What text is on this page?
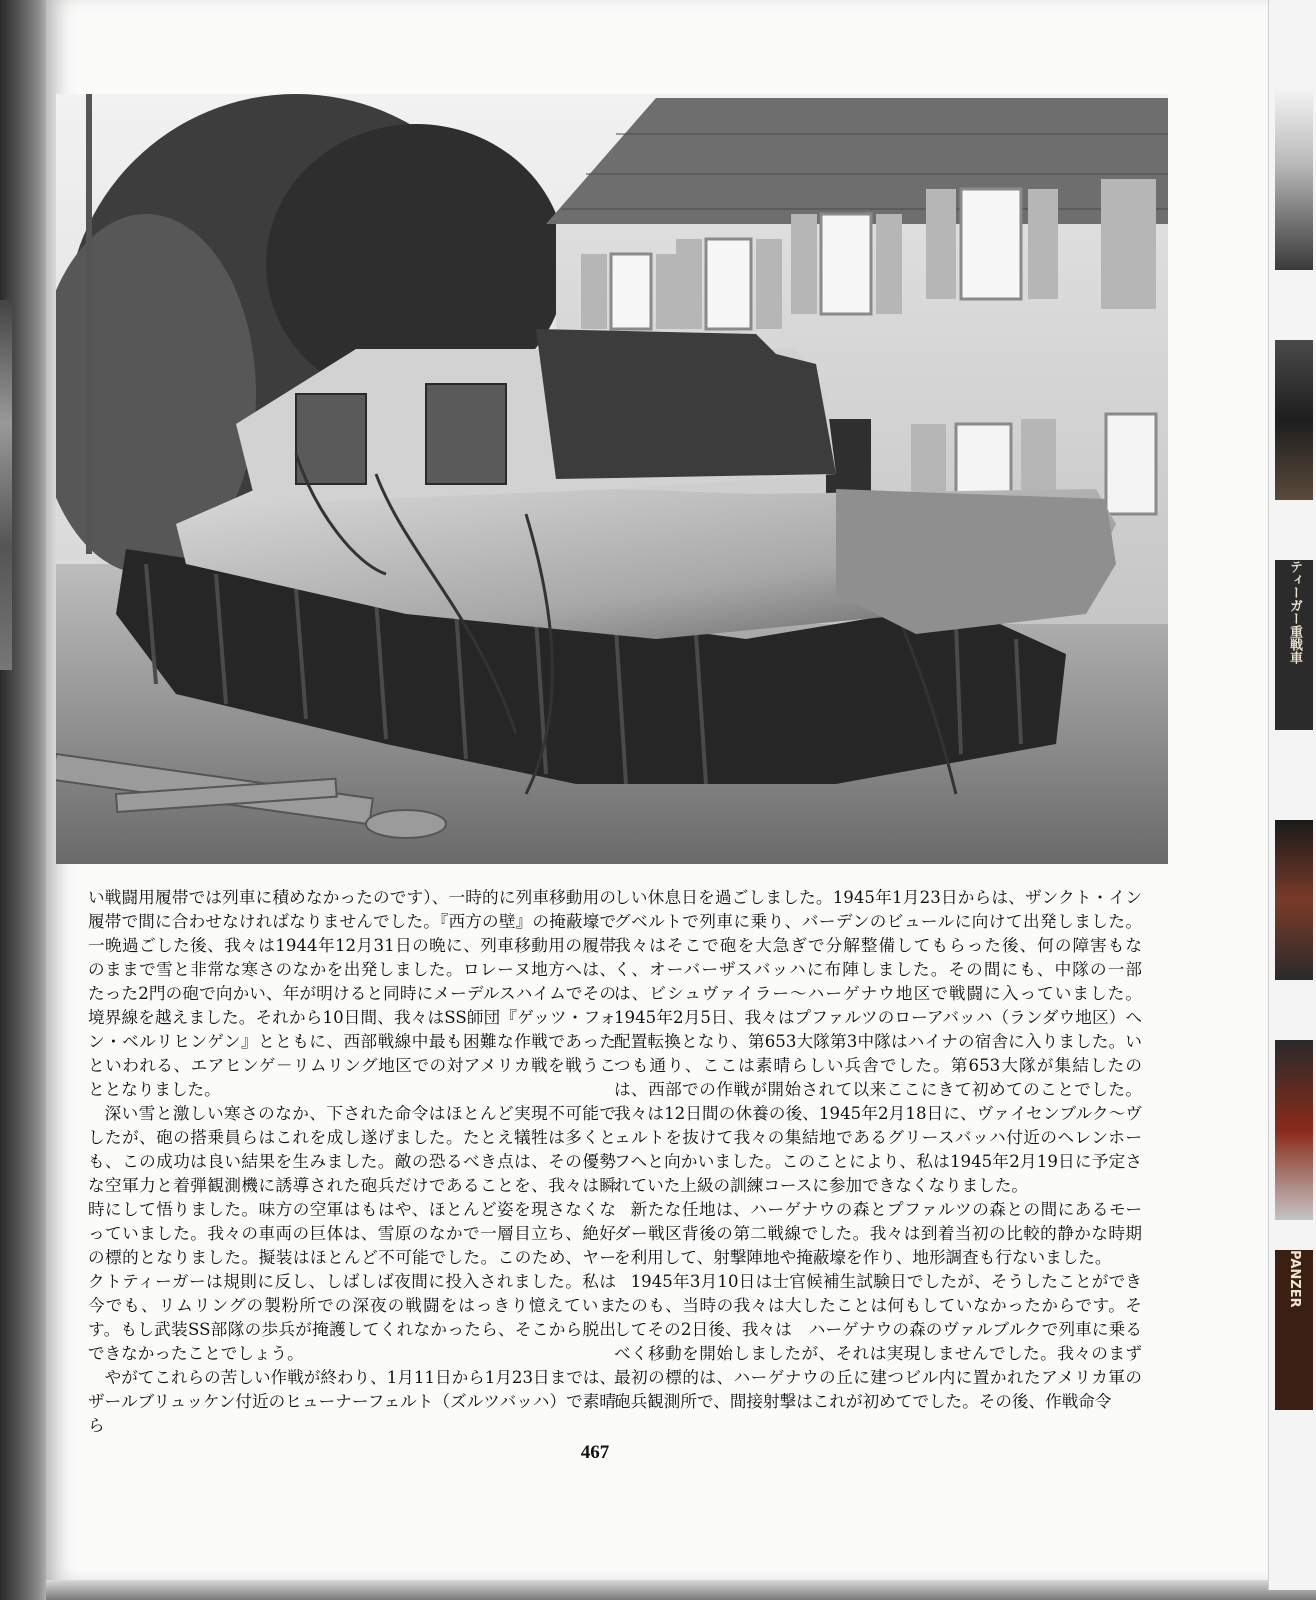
ティーガー重戦車
PANZER

い戦闘用履帯では列車に積めなかったのです）、一時的に列車移動用の履帯で間に合わせなければなりませんでした。『西方の壁』の掩蔽壕で一晩過ごした後、我々は1944年12月31日の晩に、列車移動用の履帯のままで雪と非常な寒さのなかを出発しました。ロレーヌ地方へは、たった2門の砲で向かい、年が明けると同時にメーデルスハイムでその境界線を越えました。それから10日間、我々はSS師団『ゲッツ・フォン・ベルリヒンゲン』とともに、西部戦線中最も困難な作戦であったといわれる、エアヒンゲ－リムリング地区での対アメリカ戦を戦うこととなりました。

深い雪と激しい寒さのなか、下された命令はほとんど実現不可能でしたが、砲の搭乗員らはこれを成し遂げました。たとえ犠牲は多くとも、この成功は良い結果を生みました。敵の恐るべき点は、その優勢な空軍力と着弾観測機に誘導された砲兵だけであることを、我々は瞬時にして悟りました。味方の空軍はもはや、ほとんど姿を現さなくなっていました。我々の車両の巨体は、雪原のなかで一層目立ち、絶好の標的となりました。擬装はほとんど不可能でした。このため、ヤークトティーガーは規則に反し、しばしば夜間に投入されました。私は今でも、リムリングの製粉所での深夜の戦闘をはっきり憶えています。もし武装SS部隊の歩兵が掩護してくれなかったら、そこから脱出できなかったことでしょう。

やがてこれらの苦しい作戦が終わり、1月11日から1月23日までは、ザールブリュッケン付近のヒューナーフェルト（ズルツバッハ）で素晴ら

しい休息日を過ごしました。1945年1月23日からは、ザンクト・イングベルトで列車に乗り、バーデンのビュールに向けて出発しました。我々はそこで砲を大急ぎで分解整備してもらった後、何の障害もなく、オーバーザスバッハに布陣しました。その間にも、中隊の一部は、ビシュヴァイラー～ハーゲナウ地区で戦闘に入っていました。1945年2月5日、我々はプファルツのローアバッハ（ランダウ地区）へ配置転換となり、第653大隊第3中隊はハイナの宿舎に入りました。いつも通り、ここは素晴らしい兵舎でした。第653大隊が集結したのは、西部での作戦が開始されて以来ここにきて初めてのことでした。我々は12日間の休養の後、1945年2月18日に、ヴァイセンブルク～ヴェルトを抜けて我々の集結地であるグリースバッハ付近のヘレンホーフへと向かいました。このことにより、私は1945年2月19日に予定されていた上級の訓練コースに参加できなくなりました。

新たな任地は、ハーゲナウの森とプファルツの森との間にあるモーダー戦区背後の第二戦線でした。我々は到着当初の比較的静かな時期を利用して、射撃陣地や掩蔽壕を作り、地形調査も行ないました。

1945年3月10日は士官候補生試験日でしたが、そうしたことができたのも、当時の我々は大したことは何もしていなかったからです。そしてその2日後、我々は　ハーゲナウの森のヴァルブルクで列車に乗るべく移動を開始しましたが、それは実現しませんでした。我々のまず最初の標的は、ハーゲナウの丘に建つビル内に置かれたアメリカ軍の砲兵観測所で、間接射撃はこれが初めてでした。その後、作戦命令

467
